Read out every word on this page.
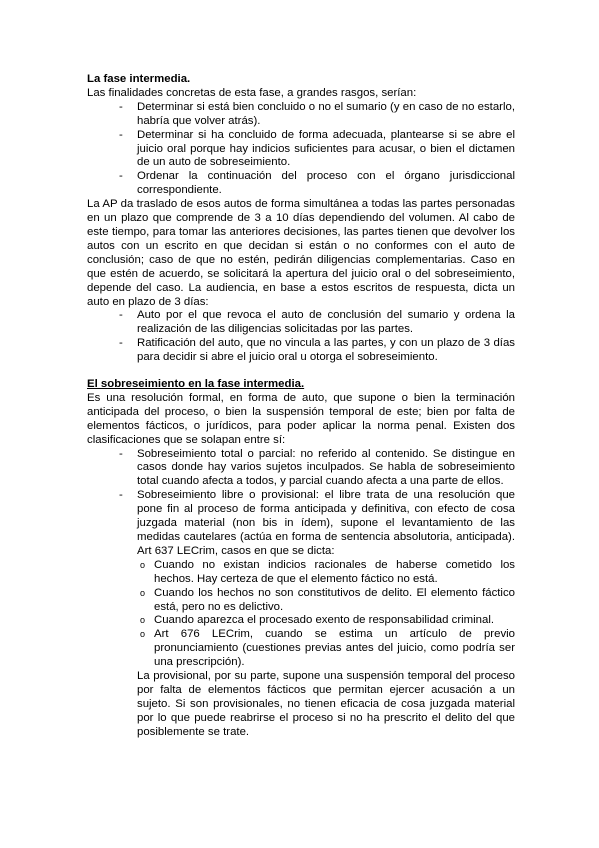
La fase intermedia.

Las finalidades concretas de esta fase, a grandes rasgos, serían:

-	Determinar si está bien concluido o no el sumario (y en caso de no estarlo, habría que volver atrás).
-	Determinar si ha concluido de forma adecuada, plantearse si se abre el juicio oral porque hay indicios suficientes para acusar, o bien el dictamen de un auto de sobreseimiento.
-	Ordenar la continuación del proceso con el órgano jurisdiccional correspondiente.

La AP da traslado de esos autos de forma simultánea a todas las partes personadas en un plazo que comprende de 3 a 10 días dependiendo del volumen. Al cabo de este tiempo, para tomar las anteriores decisiones, las partes tienen que devolver los autos con un escrito en que decidan si están o no conformes con el auto de conclusión; caso de que no estén, pedirán diligencias complementarias. Caso en que estén de acuerdo, se solicitará la apertura del juicio oral o del sobreseimiento, depende del caso. La audiencia, en base a estos escritos de respuesta, dicta un auto en plazo de 3 días:

-	Auto por el que revoca el auto de conclusión del sumario y ordena la realización de las diligencias solicitadas por las partes.
-	Ratificación del auto, que no vincula a las partes, y con un plazo de 3 días para decidir si abre el juicio oral u otorga el sobreseimiento.
El sobreseimiento en la fase intermedia.

Es una resolución formal, en forma de auto, que supone o bien la terminación anticipada del proceso, o bien la suspensión temporal de este; bien por falta de elementos fácticos, o jurídicos, para poder aplicar la norma penal. Existen dos clasificaciones que se solapan entre sí:

-	Sobreseimiento total o parcial: no referido al contenido. Se distingue en casos donde hay varios sujetos inculpados. Se habla de sobreseimiento total cuando afecta a todos, y parcial cuando afecta a una parte de ellos.
-	Sobreseimiento libre o provisional: el libre trata de una resolución que pone fin al proceso de forma anticipada y definitiva, con efecto de cosa juzgada material (non bis in ídem), supone el levantamiento de las medidas cautelares (actúa en forma de sentencia absolutoria, anticipada). Art 637 LECrim, casos en que se dicta:
o Cuando no existan indicios racionales de haberse cometido los hechos. Hay certeza de que el elemento fáctico no está.
o Cuando los hechos no son constitutivos de delito. El elemento fáctico está, pero no es delictivo.
o Cuando aparezca el procesado exento de responsabilidad criminal.
o Art 676 LECrim, cuando se estima un artículo de previo pronunciamiento (cuestiones previas antes del juicio, como podría ser una prescripción).

La provisional, por su parte, supone una suspensión temporal del proceso por falta de elementos fácticos que permitan ejercer acusación a un sujeto. Si son provisionales, no tienen eficacia de cosa juzgada material por lo que puede reabrirse el proceso si no ha prescrito el delito del que posiblemente se trate.
